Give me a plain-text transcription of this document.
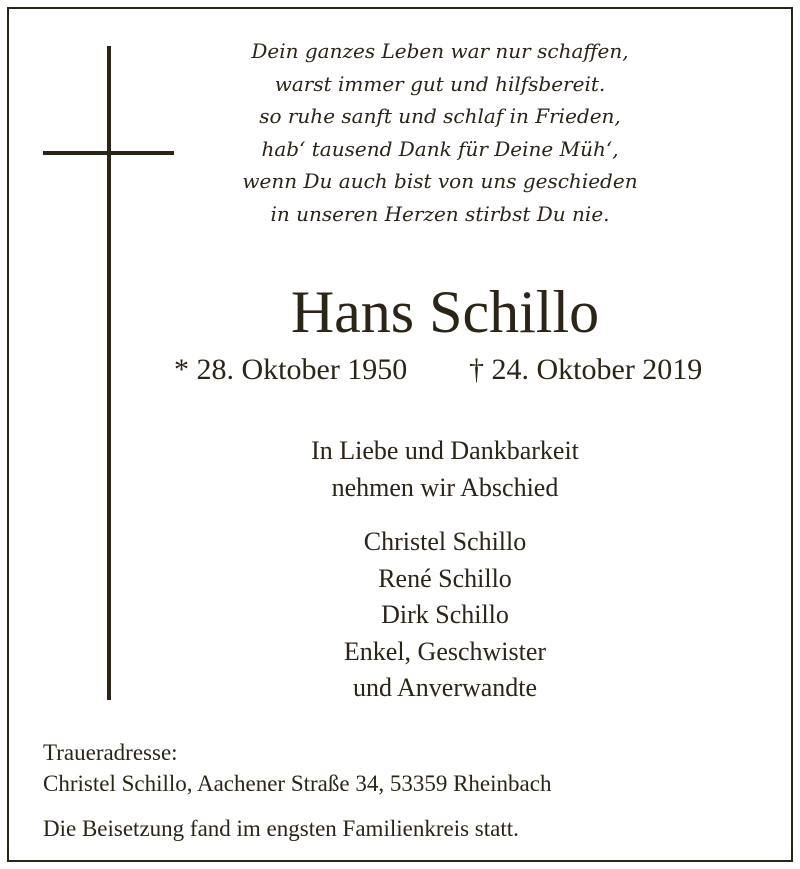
Dein ganzes Leben war nur schaffen,
warst immer gut und hilfsbereit.
so ruhe sanft und schlaf in Frieden,
hab‘ tausend Dank für Deine Müh‘,
wenn Du auch bist von uns geschieden
in unseren Herzen stirbst Du nie.
Hans Schillo
* 28. Oktober 1950 † 24. Oktober 2019
In Liebe und Dankbarkeit
nehmen wir Abschied
Christel Schillo
René Schillo
Dirk Schillo
Enkel, Geschwister
und Anverwandte
Traueradresse:
Christel Schillo, Aachener Straße 34, 53359 Rheinbach
Die Beisetzung fand im engsten Familienkreis statt.
